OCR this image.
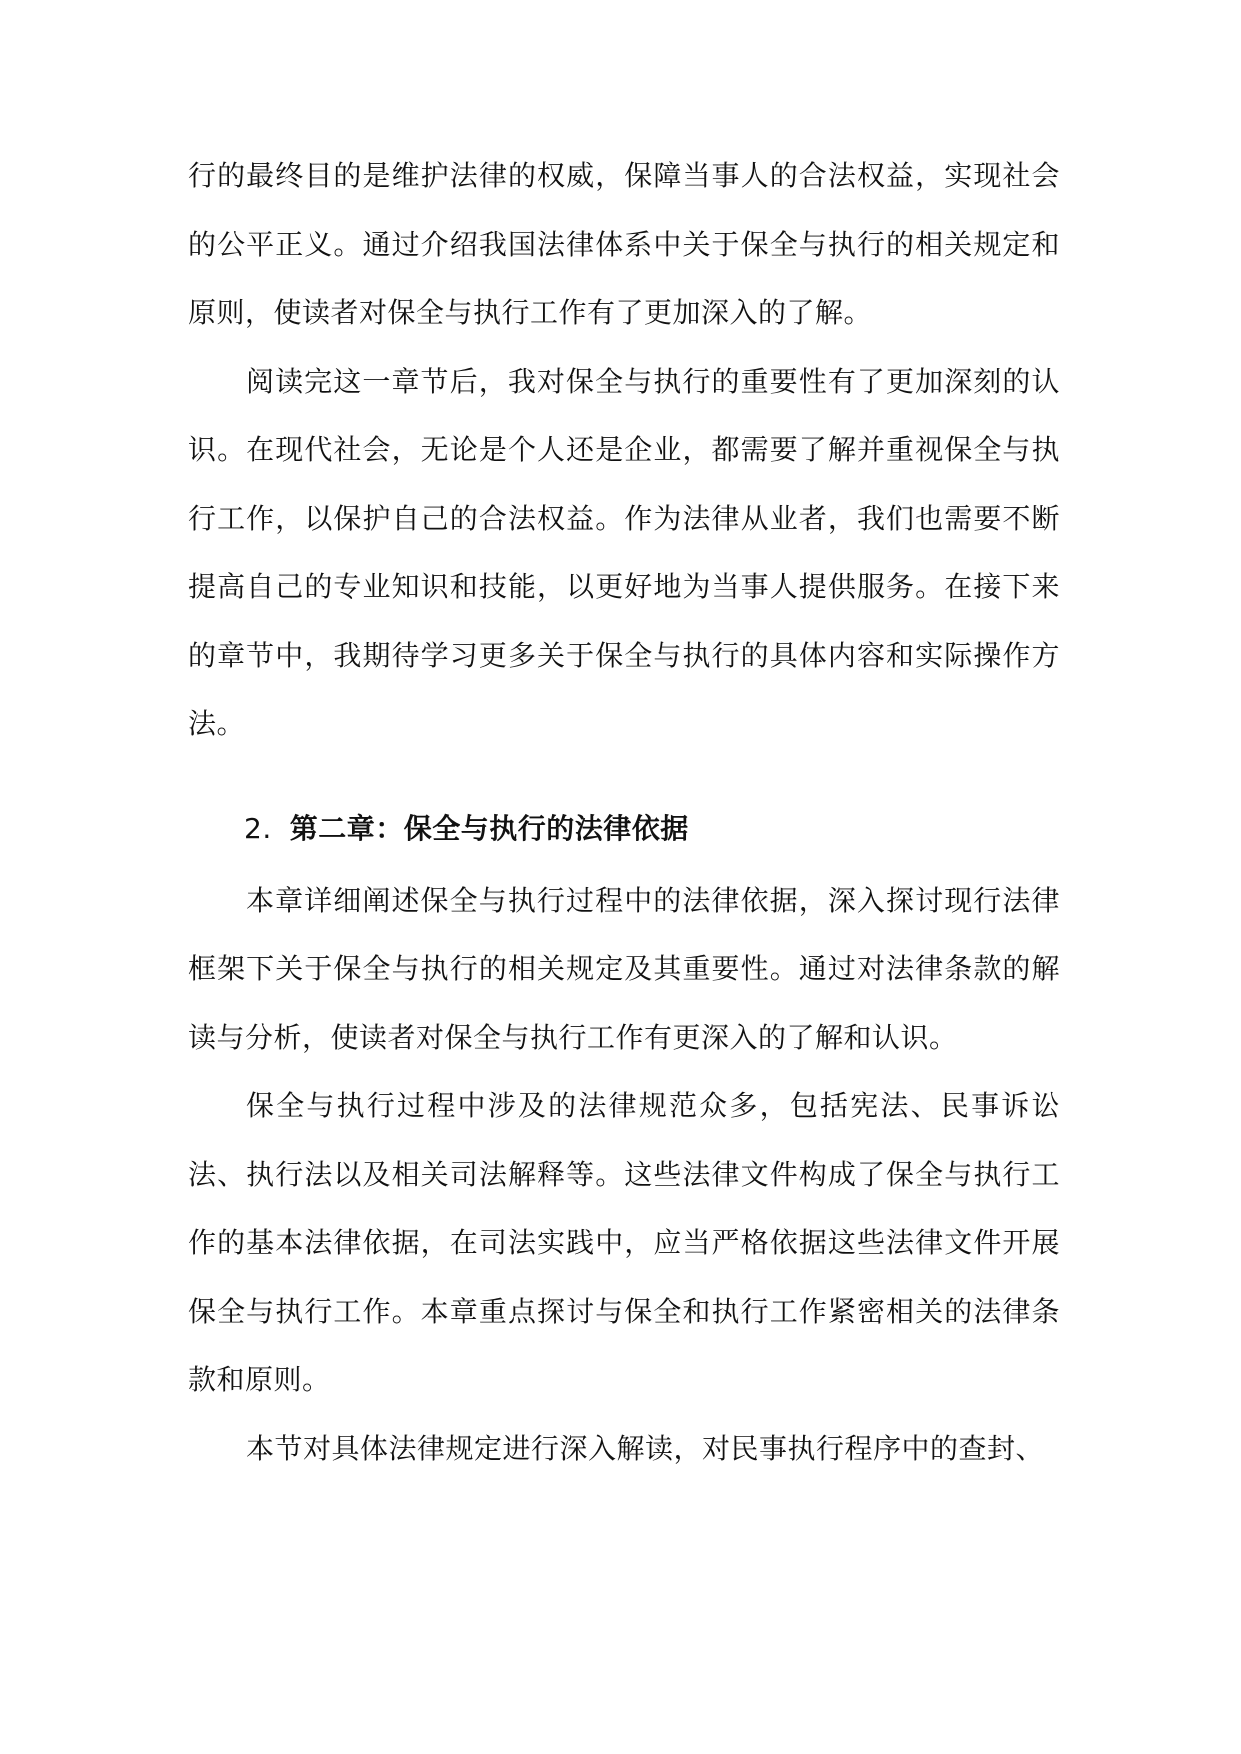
行的最终目的是维护法律的权威，保障当事人的合法权益，实现社会的公平正义。通过介绍我国法律体系中关于保全与执行的相关规定和原则，使读者对保全与执行工作有了更加深入的了解。

阅读完这一章节后，我对保全与执行的重要性有了更加深刻的认识。在现代社会，无论是个人还是企业，都需要了解并重视保全与执行工作，以保护自己的合法权益。作为法律从业者，我们也需要不断提高自己的专业知识和技能，以更好地为当事人提供服务。在接下来的章节中，我期待学习更多关于保全与执行的具体内容和实际操作方法。

2. 第二章：保全与执行的法律依据

本章详细阐述保全与执行过程中的法律依据，深入探讨现行法律框架下关于保全与执行的相关规定及其重要性。通过对法律条款的解读与分析，使读者对保全与执行工作有更深入的了解和认识。

保全与执行过程中涉及的法律规范众多，包括宪法、民事诉讼法、执行法以及相关司法解释等。这些法律文件构成了保全与执行工作的基本法律依据，在司法实践中，应当严格依据这些法律文件开展保全与执行工作。本章重点探讨与保全和执行工作紧密相关的法律条款和原则。

本节对具体法律规定进行深入解读，对民事执行程序中的查封、
